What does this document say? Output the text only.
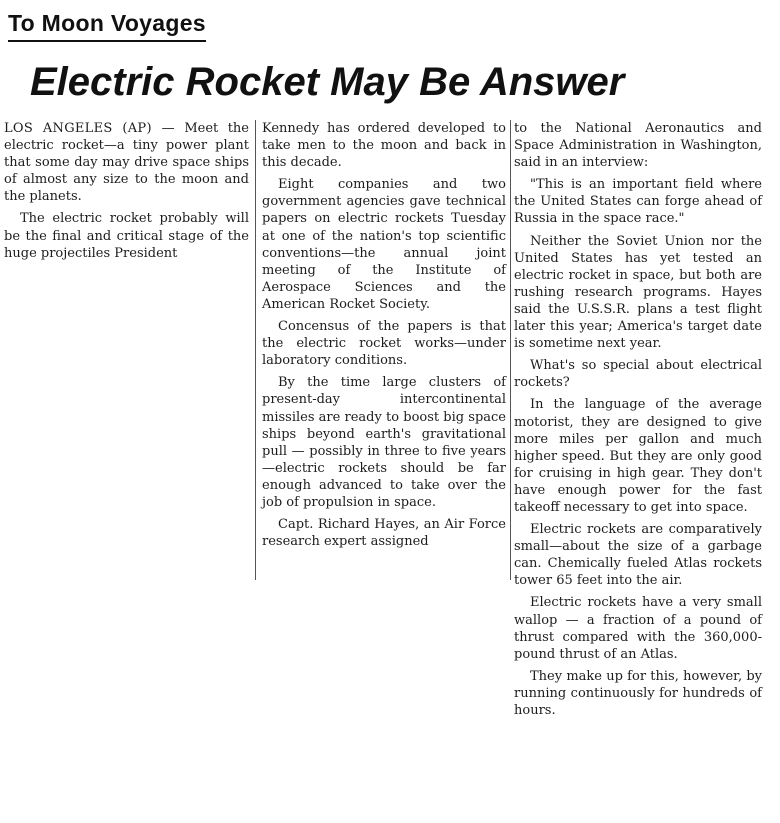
To Moon Voyages
Electric Rocket May Be Answer

LOS ANGELES (AP) — Meet the electric rocket—a tiny power plant that some day may drive space ships of almost any size to the moon and the planets.

The electric rocket probably will be the final and critical stage of the huge projectiles President

Kennedy has ordered developed to take men to the moon and back in this decade.

Eight companies and two government agencies gave technical papers on electric rockets Tuesday at one of the nation's top scientific conventions—the annual joint meeting of the Institute of Aerospace Sciences and the American Rocket Society.

Concensus of the papers is that the electric rocket works—under laboratory conditions.

By the time large clusters of present-day intercontinental missiles are ready to boost big space ships beyond earth's gravitational pull — possibly in three to five years—electric rockets should be far enough advanced to take over the job of propulsion in space.

Capt. Richard Hayes, an Air Force research expert assigned

to the National Aeronautics and Space Administration in Washington, said in an interview:

"This is an important field where the United States can forge ahead of Russia in the space race."

Neither the Soviet Union nor the United States has yet tested an electric rocket in space, but both are rushing research programs. Hayes said the U.S.S.R. plans a test flight later this year; America's target date is sometime next year.

What's so special about electrical rockets?

In the language of the average motorist, they are designed to give more miles per gallon and much higher speed. But they are only good for cruising in high gear. They don't have enough power for the fast takeoff necessary to get into space.

Electric rockets are comparatively small—about the size of a garbage can. Chemically fueled Atlas rockets tower 65 feet into the air.

Electric rockets have a very small wallop — a fraction of a pound of thrust compared with the 360,000-pound thrust of an Atlas.

They make up for this, however, by running continuously for hundreds of hours.
